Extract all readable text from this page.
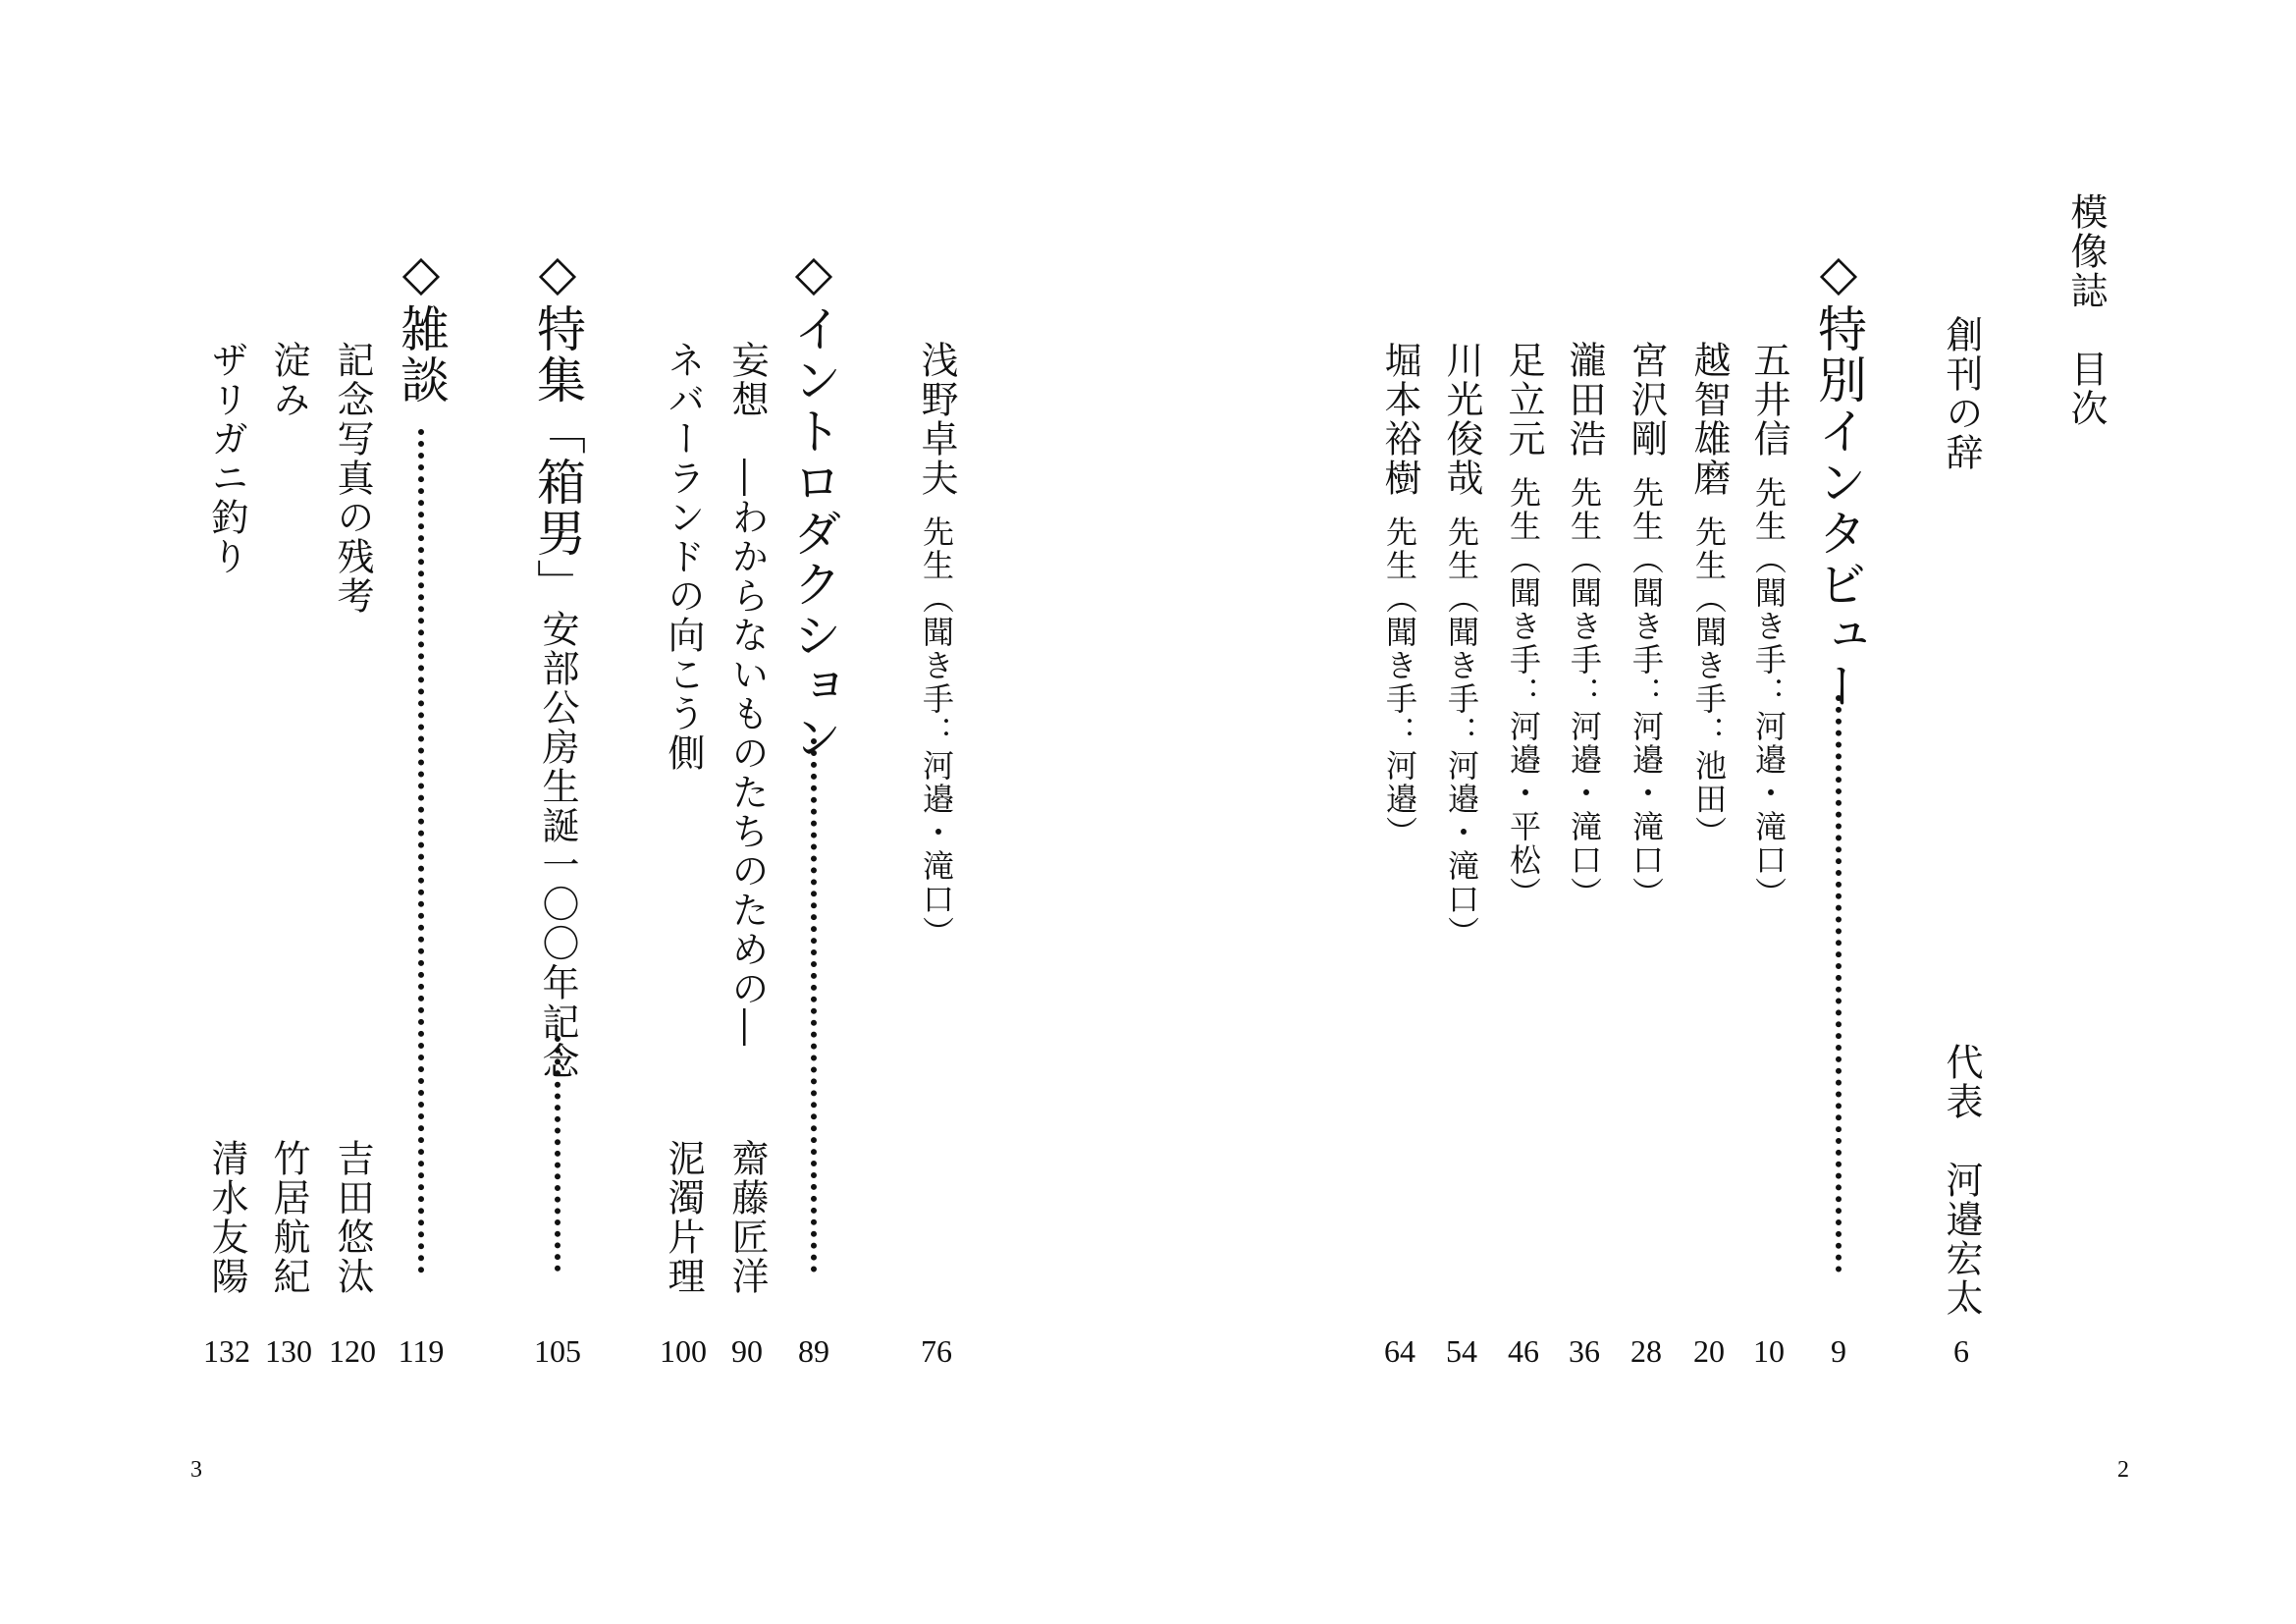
模像誌　目次
創刊の辞
代表　河邉宏太
6
◇特別インタビュー
9
◇イントロダクション
89
妄想　―わからないものたちのための―
齋藤匠洋
90
ネバーランドの向こう側
泥濁片理
100
◇特集「箱男」安部公房生誕一〇〇年記念
105
◇雑談
119
3	2
五井信先生（聞き手：河邉・滝口）
10
越智雄磨先生（聞き手：池田）
20
宮沢剛先生（聞き手：河邉・滝口）
28
瀧田浩先生（聞き手：河邉・滝口）
36
足立元先生（聞き手：河邉・平松）
46
川光俊哉先生（聞き手：河邉・滝口）
54
堀本裕樹先生（聞き手：河邉）
64
浅野卓夫先生（聞き手：河邉・滝口）
76
記念写真の残考
吉田悠汰
120
淀み
竹居航紀
130
ザリガニ釣り
清水友陽
132
